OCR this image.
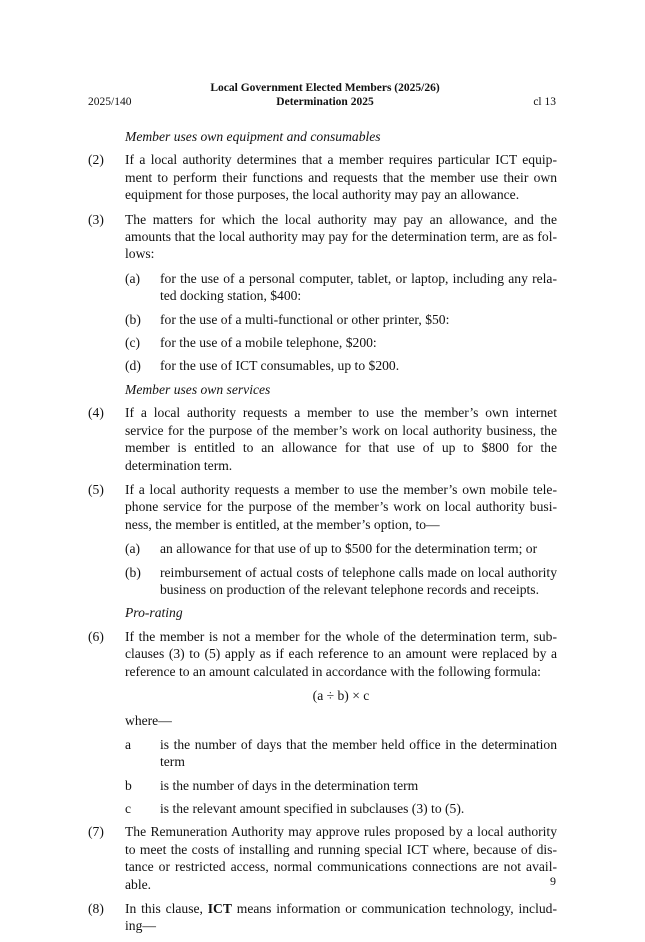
2025/140
Local Government Elected Members (2025/26)
Determination 2025	cl 13
Member uses own equipment and consumables
(2)	If a local authority determines that a member requires particular ICT equipment to perform their functions and requests that the member use their own equipment for those purposes, the local authority may pay an allowance.
(3)	The matters for which the local authority may pay an allowance, and the amounts that the local authority may pay for the determination term, are as follows:
(a)	for the use of a personal computer, tablet, or laptop, including any related docking station, $400:
(b)	for the use of a multi-functional or other printer, $50:
(c)	for the use of a mobile telephone, $200:
(d)	for the use of ICT consumables, up to $200.
Member uses own services
(4)	If a local authority requests a member to use the member’s own internet service for the purpose of the member’s work on local authority business, the member is entitled to an allowance for that use of up to $800 for the determination term.
(5)	If a local authority requests a member to use the member’s own mobile telephone service for the purpose of the member’s work on local authority business, the member is entitled, at the member’s option, to—
(a)	an allowance for that use of up to $500 for the determination term; or
(b)	reimbursement of actual costs of telephone calls made on local authority business on production of the relevant telephone records and receipts.
Pro-rating
(6)	If the member is not a member for the whole of the determination term, subclauses (3) to (5) apply as if each reference to an amount were replaced by a reference to an amount calculated in accordance with the following formula:
(a ÷ b) × c
where—
a	is the number of days that the member held office in the determination term
b	is the number of days in the determination term
c	is the relevant amount specified in subclauses (3) to (5).
(7)	The Remuneration Authority may approve rules proposed by a local authority to meet the costs of installing and running special ICT where, because of distance or restricted access, normal communications connections are not available.
(8)	In this clause, ICT means information or communication technology, including—
9
